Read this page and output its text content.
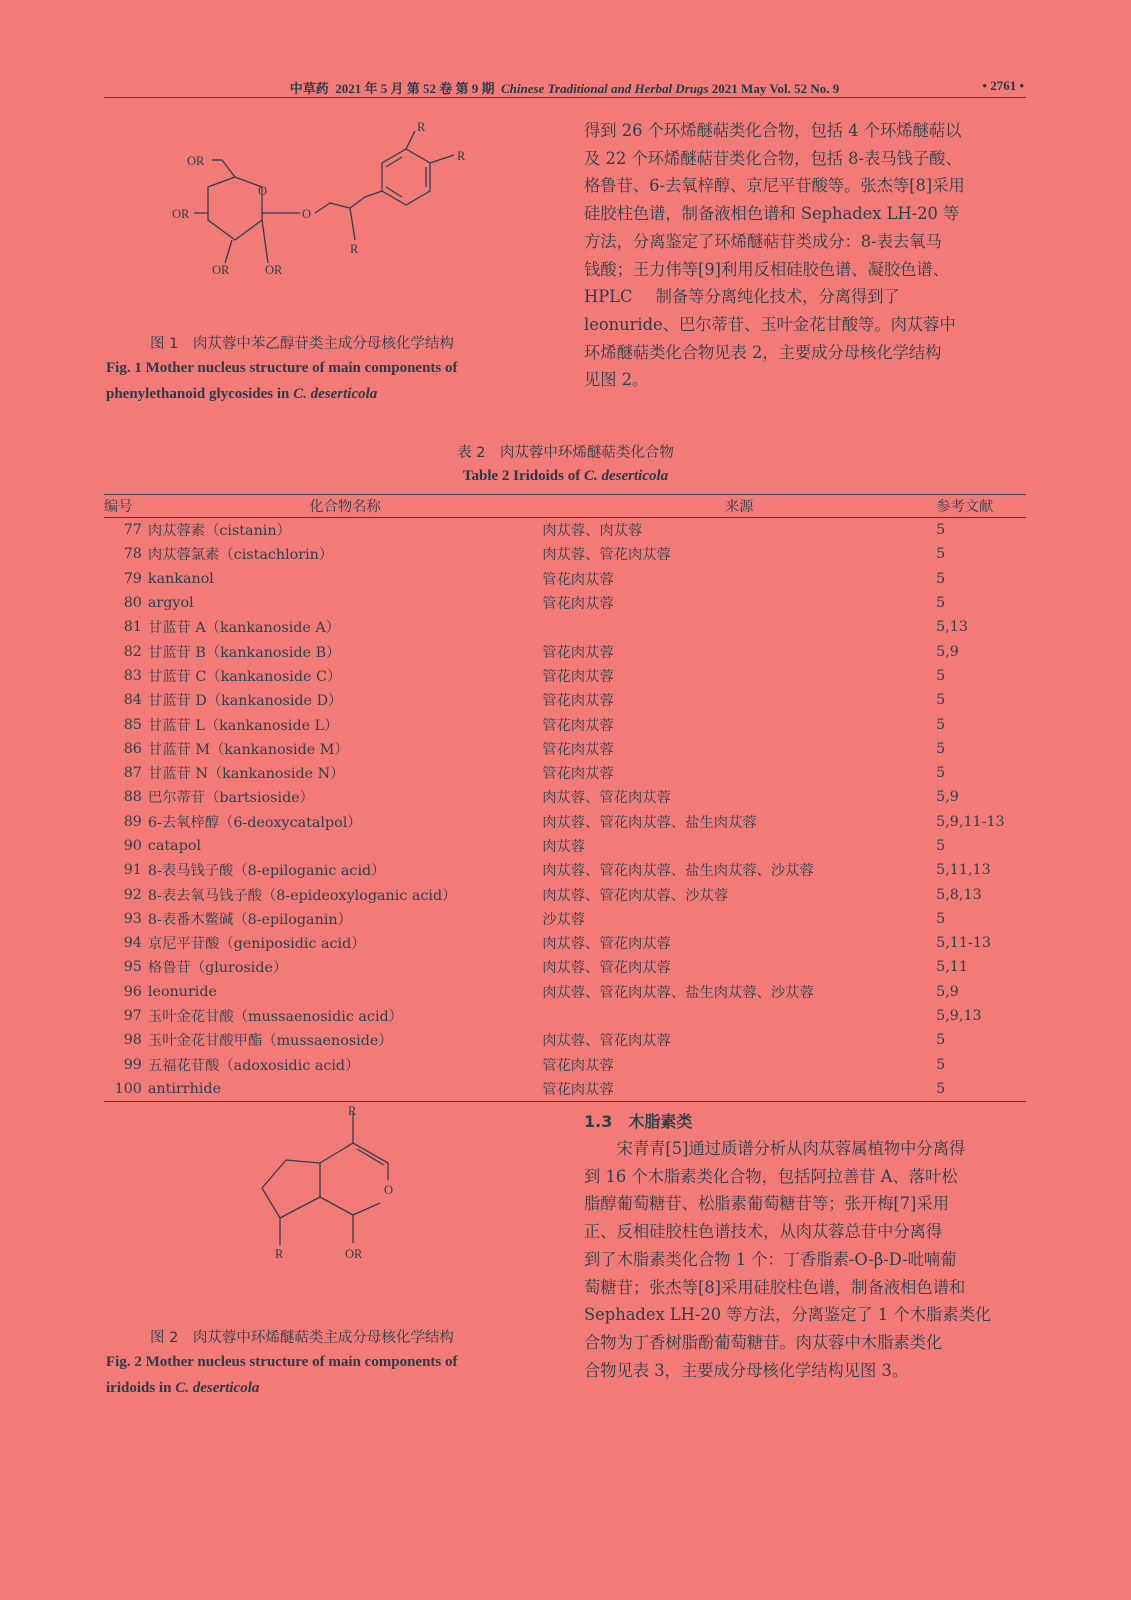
中草药 2021 年 5 月 第 52 卷 第 9 期 Chinese Traditional and Herbal Drugs 2021 May Vol. 52 No. 9	• 2761 •
R
R
OR
O
OR	O
OR	OR
R
图 1　肉苁蓉中苯乙醇苷类主成分母核化学结构
Fig. 1 Mother nucleus structure of main components of
phenylethanoid glycosides in C. deserticola

得到 26 个环烯醚萜类化合物，包括 4 个环烯醚萜以

及 22 个环烯醚萜苷类化合物，包括 8-表马钱子酸、

格鲁苷、6-去氧梓醇、京尼平苷酸等。张杰等[8]采用

硅胶柱色谱，制备液相色谱和 Sephadex LH-20 等

方法，分离鉴定了环烯醚萜苷类成分：8-表去氧马

钱酸；王力伟等[9]利用反相硅胶色谱、凝胶色谱、

HPLC 制备等分离纯化技术，分离得到了

leonuride、巴尔蒂苷、玉叶金花甘酸等。肉苁蓉中

环烯醚萜类化合物见表 2，主要成分母核化学结构

见图 2。

表 2　肉苁蓉中环烯醚萜类化合物
Table 2 Iridoids of C. deserticola
编号	化合物名称	来源	参考文献
77	肉苁蓉素（cistanin）	肉苁蓉、肉苁蓉	5
78	肉苁蓉氯素（cistachlorin）	肉苁蓉、管花肉苁蓉	5
79	kankanol	管花肉苁蓉	5
80	argyol	管花肉苁蓉	5
81	甘蓝苷 A（kankanoside A）		5,13
82	甘蓝苷 B（kankanoside B）	管花肉苁蓉	5,9
83	甘蓝苷 C（kankanoside C）	管花肉苁蓉	5
84	甘蓝苷 D（kankanoside D）	管花肉苁蓉	5
85	甘蓝苷 L（kankanoside L）	管花肉苁蓉	5
86	甘蓝苷 M（kankanoside M）	管花肉苁蓉	5
87	甘蓝苷 N（kankanoside N）	管花肉苁蓉	5
88	巴尔蒂苷（bartsioside）	肉苁蓉、管花肉苁蓉	5,9
89	6-去氧梓醇（6-deoxycatalpol）	肉苁蓉、管花肉苁蓉、盐生肉苁蓉	5,9,11-13
90	catapol	肉苁蓉	5
91	8-表马钱子酸（8-epiloganic acid）	肉苁蓉、管花肉苁蓉、盐生肉苁蓉、沙苁蓉	5,11,13
92	8-表去氧马钱子酸（8-epideoxyloganic acid）	肉苁蓉、管花肉苁蓉、沙苁蓉	5,8,13
93	8-表番木鳖碱（8-epiloganin）	沙苁蓉	5
94	京尼平苷酸（geniposidic acid）	肉苁蓉、管花肉苁蓉	5,11-13
95	格鲁苷（gluroside）	肉苁蓉、管花肉苁蓉	5,11
96	leonuride	肉苁蓉、管花肉苁蓉、盐生肉苁蓉、沙苁蓉	5,9
97	玉叶金花甘酸（mussaenosidic acid）		5,9,13
98	玉叶金花甘酸甲酯（mussaenoside）	肉苁蓉、管花肉苁蓉	5
99	五福花苷酸（adoxosidic acid）	管花肉苁蓉	5
100	antirrhide	管花肉苁蓉	5
R
O
R	OR
图 2　肉苁蓉中环烯醚萜类主成分母核化学结构
Fig. 2 Mother nucleus structure of main components of
iridoids in C. deserticola
1.3　木脂素类

　　宋青青[5]通过质谱分析从肉苁蓉属植物中分离得

到 16 个木脂素类化合物，包括阿拉善苷 A、落叶松

脂醇葡萄糖苷、松脂素葡萄糖苷等；张开梅[7]采用

正、反相硅胶柱色谱技术，从肉苁蓉总苷中分离得

到了木脂素类化合物 1 个：丁香脂素-O-β-D-吡喃葡

萄糖苷；张杰等[8]采用硅胶柱色谱，制备液相色谱和

Sephadex LH-20 等方法，分离鉴定了 1 个木脂素类化

合物为丁香树脂酚葡萄糖苷。肉苁蓉中木脂素类化

合物见表 3，主要成分母核化学结构见图 3。
